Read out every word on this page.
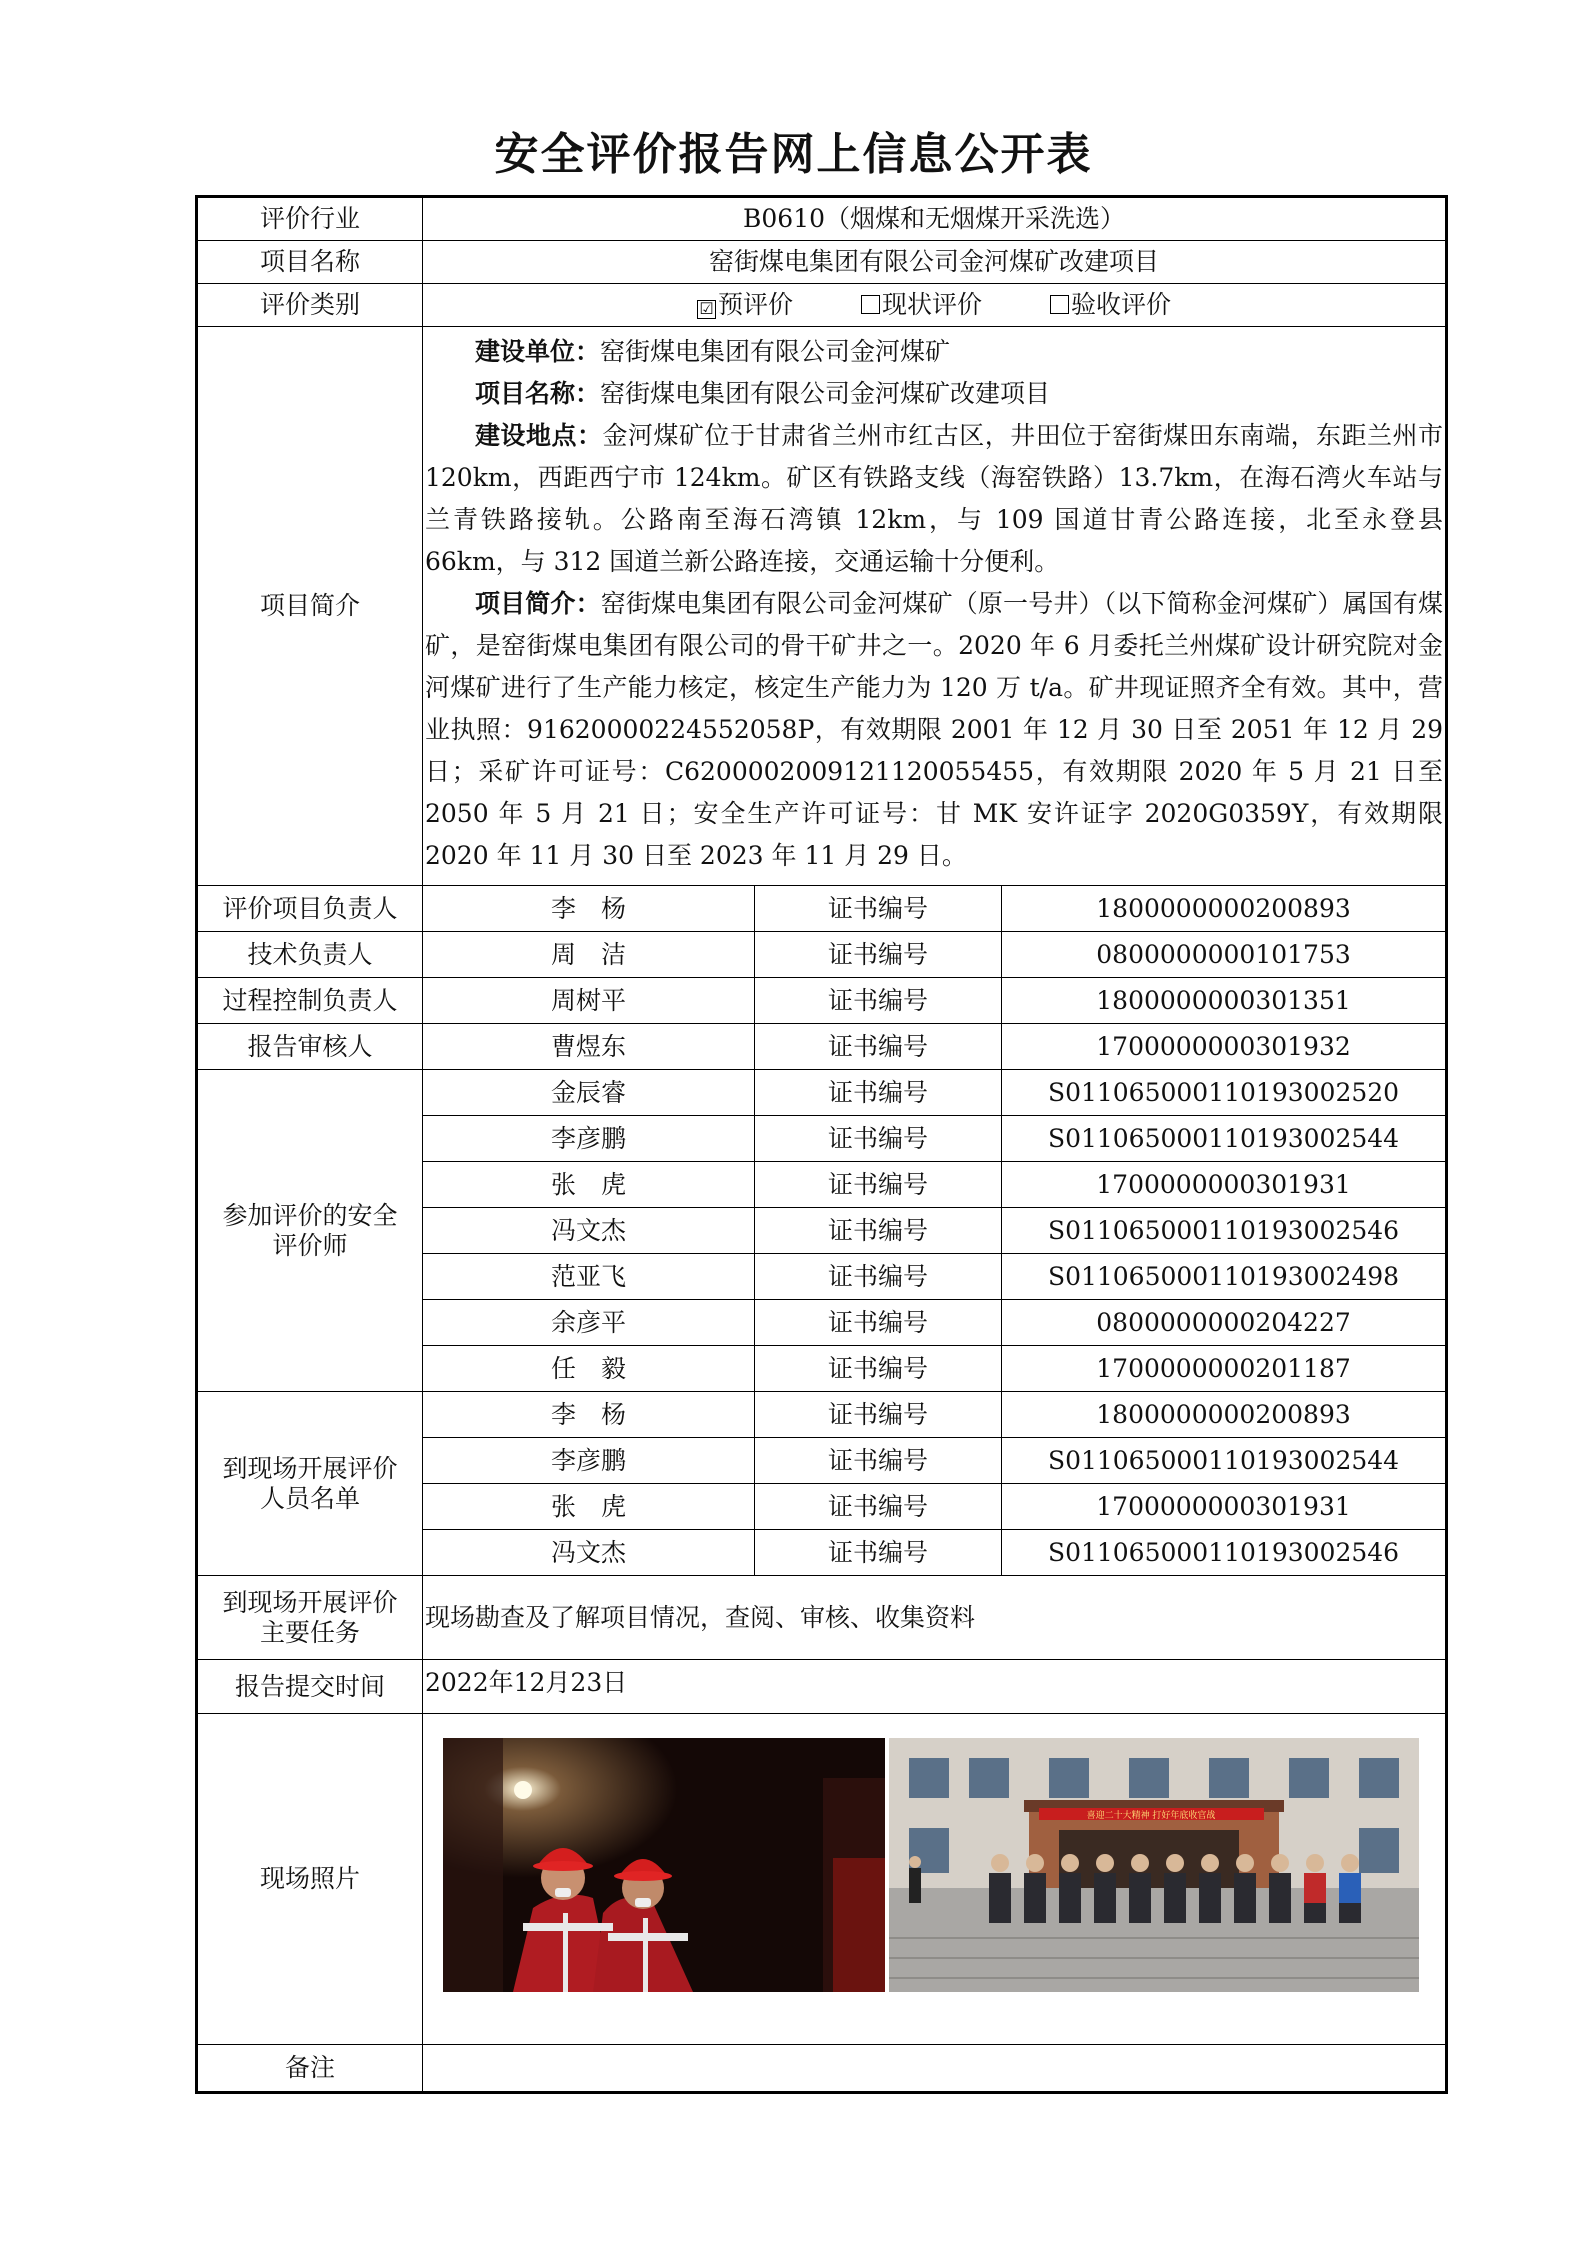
安全评价报告网上信息公开表
评价行业	B0610（烟煤和无烟煤开采洗选）		
项目名称	窑街煤电集团有限公司金河煤矿改建项目		
评价类别	☑ 预评价 现状评价 验收评价		
项目简介	建设单位：窑街煤电集团有限公司金河煤矿

项目名称：窑街煤电集团有限公司金河煤矿改建项目

建设地点：金河煤矿位于甘肃省兰州市红古区，井田位于窑街煤田东南端，东距兰州市 120km，西距西宁市 124km。矿区有铁路支线（海窑铁路）13.7km，在海石湾火车站与兰青铁路接轨。公路南至海石湾镇 12km，与 109 国道甘青公路连接，北至永登县 66km，与 312 国道兰新公路连接，交通运输十分便利。

项目简介：窑街煤电集团有限公司金河煤矿（原一号井）（以下简称金河煤矿）属国有煤矿，是窑街煤电集团有限公司的骨干矿井之一。2020 年 6 月委托兰州煤矿设计研究院对金河煤矿进行了生产能力核定，核定生产能力为 120 万 t/a。矿井现证照齐全有效。其中，营业执照：91620000224552058P，有效期限 2001 年 12 月 30 日至 2051 年 12 月 29 日；采矿许可证号：C6200002009121120055455，有效期限 2020 年 5 月 21 日至 2050 年 5 月 21 日；安全生产许可证号：甘 MK 安许证字 2020G0359Y，有效期限 2020 年 11 月 30 日至 2023 年 11 月 29 日。		

评价项目负责人	李　杨	证书编号	1800000000200893
技术负责人	周　洁	证书编号	0800000000101753
过程控制负责人	周树平	证书编号	1800000000301351
报告审核人	曹煜东	证书编号	1700000000301932
参加评价的安全
评价师	金辰睿	证书编号	S011065000110193002520
	李彦鹏	证书编号	S011065000110193002544
	张　虎	证书编号	1700000000301931
	冯文杰	证书编号	S011065000110193002546
	范亚飞	证书编号	S011065000110193002498
	余彦平	证书编号	0800000000204227
	任　毅	证书编号	1700000000201187
到现场开展评价
人员名单	李　杨	证书编号	1800000000200893
	李彦鹏	证书编号	S011065000110193002544
	张　虎	证书编号	1700000000301931
	冯文杰	证书编号	S011065000110193002546
到现场开展评价
主要任务	现场勘查及了解项目情况，查阅、审核、收集资料		
报告提交时间	2022年12月23日		
现场照片	喜迎二十大精神 打好年底收官战		

备注			
